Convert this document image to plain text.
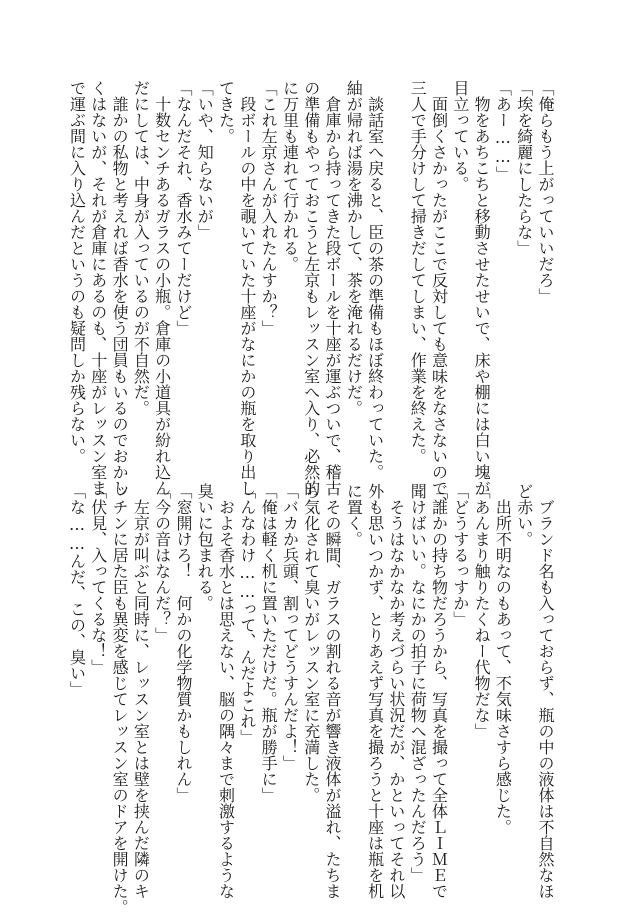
「俺らもう上がっていいだろ」
「埃を綺麗にしたらな」
「あー……」
　物をあちこちと移動させたせいで、床や棚には白い塊が
目立っている。
　面倒くさかったがここで反対しても意味をなさないので、
三人で手分けして掃きだしてしまい、作業を終えた。

　談話室へ戻ると、臣の茶の準備もほぼ終わっていた。
紬が帰れば湯を沸かして、茶を淹れるだけだ。
　倉庫から持ってきた段ボールを十座が運ぶついで、稽古
の準備もやっておこうと左京もレッスン室へ入り、必然的
に万里も連れて行かれる。
「これ左京さんが入れたんすか？」
　段ボールの中を覗いていた十座がなにかの瓶を取り出し
てきた。
「いや、知らないが」
「なんだそれ、香水みてーだけど」
　十数センチあるガラスの小瓶。倉庫の小道具が紛れ込ん
だにしては、中身が入っているのが不自然だ。
　誰かの私物と考えれば香水を使う団員もいるのでおかし
くはないが、それが倉庫にあるのも、十座がレッスン室ま
で運ぶ間に入り込んだというのも疑問しか残らない。
　ブランド名も入っておらず、瓶の中の液体は不自然なほ
ど赤い。
　出所不明なのもあって、不気味さすら感じた。
「あんまり触りたくねー代物だな」
「どうするっすか」
「誰かの持ち物だろうから、写真を撮って全体ＬＩＭＥで
聞けばいい。なにかの拍子に荷物へ混ざったんだろう」
　そうはなかなか考えづらい状況だが、かといってそれ以
外も思いつかず、とりあえず写真を撮ろうと十座は瓶を机
に置く。
　その瞬間、ガラスの割れる音が響き液体が溢れ、たちま
ち気化されて臭いがレッスン室に充満した。
「バカか兵頭、割ってどうすんだよ！」
「俺は軽く机に置いただけだ。瓶が勝手に」
「んなわけ……って、んだよこれ」
　およそ香水とは思えない、脳の隅々まで刺激するような
臭いに包まれる。
「窓開けろ！　何かの化学物質かもしれん」
「今の音はなんだ？」
　左京が叫ぶと同時に、レッスン室とは壁を挟んだ隣のキ
ッチンに居た臣も異変を感じてレッスン室のドアを開けた。
「伏見、入ってくるな！」
「な……んだ、この、臭い」
